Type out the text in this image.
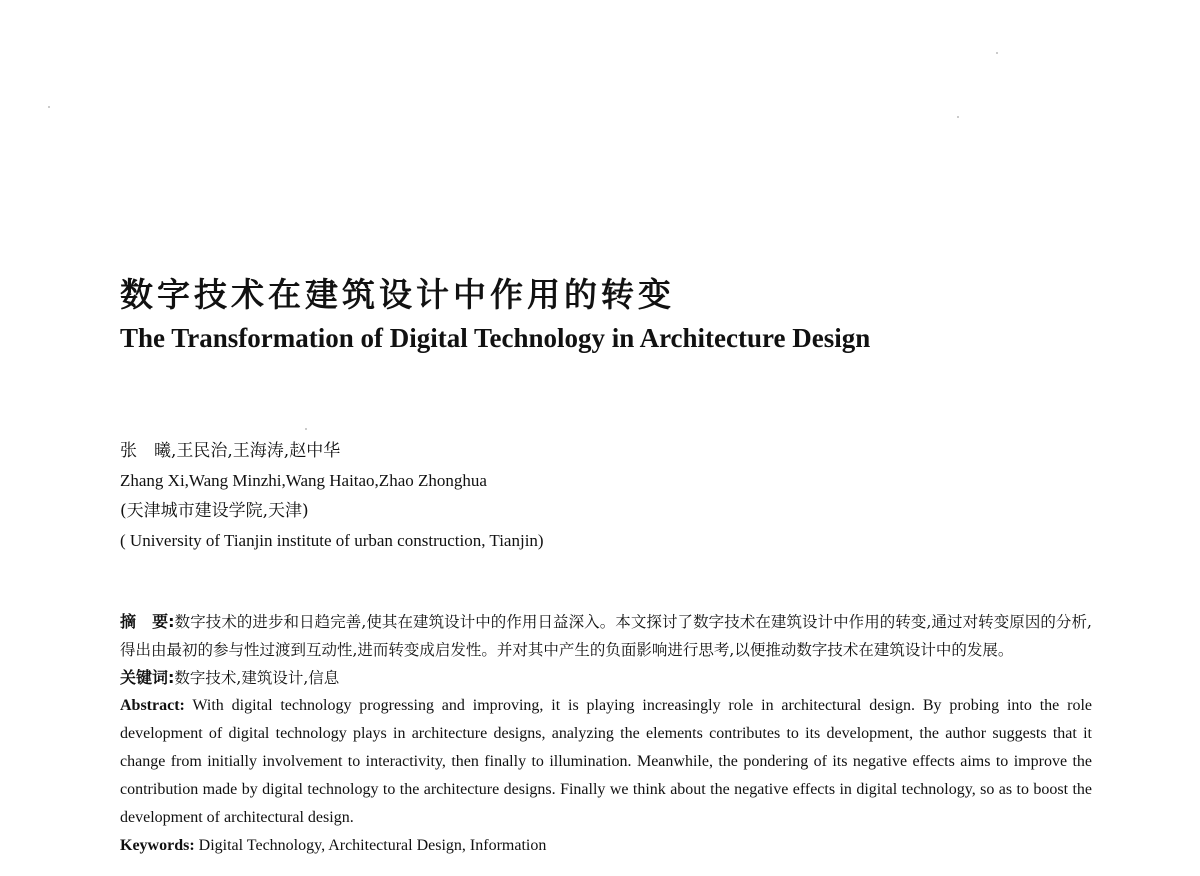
数字技术在建筑设计中作用的转变
The Transformation of Digital Technology in Architecture Design
张　曦,王民治,王海涛,赵中华
Zhang Xi,Wang Minzhi,Wang Haitao,Zhao Zhonghua
(天津城市建设学院,天津)
( University of Tianjin institute of urban construction, Tianjin)

摘　要:数字技术的进步和日趋完善,使其在建筑设计中的作用日益深入。本文探讨了数字技术在建筑设计中作用的转变,通过对转变原因的分析,得出由最初的参与性过渡到互动性,进而转变成启发性。并对其中产生的负面影响进行思考,以便推动数字技术在建筑设计中的发展。

关键词:数字技术,建筑设计,信息

Abstract: With digital technology progressing and improving, it is playing increasingly role in architectural design. By probing into the role development of digital technology plays in architecture designs, analyzing the elements contributes to its development, the author suggests that it change from initially involvement to interactivity, then finally to illumination. Meanwhile, the pondering of its negative effects aims to improve the contribution made by digital technology to the architecture designs. Finally we think about the negative effects in digital technology, so as to boost the development of architectural design.

Keywords: Digital Technology, Architectural Design, Information
